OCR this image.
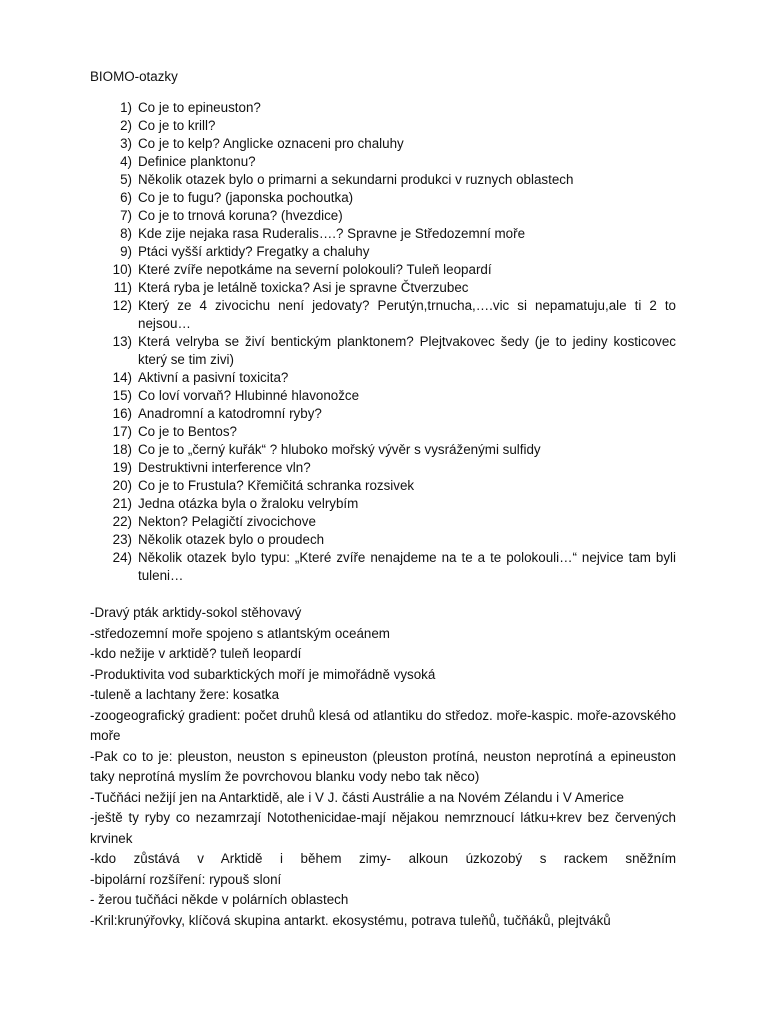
BIOMO-otazky
1) Co je to epineuston?
2) Co je to krill?
3) Co je to kelp? Anglicke oznaceni pro chaluhy
4) Definice planktonu?
5) Několik otazek bylo o primarni a sekundarni produkci v ruznych oblastech
6) Co je to fugu? (japonska pochoutka)
7) Co je to trnová koruna? (hvezdice)
8) Kde zije nejaka rasa Ruderalis….? Spravne je Středozemní moře
9) Ptáci vyšší arktidy? Fregatky a chaluhy
10) Které zvíře nepotkáme na severní polokouli? Tuleň leopardí
11) Která ryba je letálně toxicka? Asi je spravne Čtverzubec
12) Který ze 4 zivocichu není jedovaty? Perutýn,trnucha,….vic si nepamatuju,ale ti 2 to nejsou…
13) Která velryba se živí bentickým planktonem? Plejtvakovec šedy (je to jediny kosticovec který se tim zivi)
14) Aktivní a pasivní toxicita?
15) Co loví vorvaň? Hlubinné hlavonožce
16) Anadromní a katodromní ryby?
17) Co je to Bentos?
18) Co je to „černý kuřák“ ? hluboko mořský vývěr s vysráženými sulfidy
19) Destruktivni interference vln?
20) Co je to Frustula? Křemičitá schranka rozsivek
21) Jedna otázka byla o žraloku velrybím
22) Nekton? Pelagičtí zivocichove
23) Několik otazek bylo o proudech
24) Několik otazek bylo typu: „Které zvíře nenajdeme na te a te polokouli…“ nejvice tam byli tuleni…
-Dravý pták arktidy-sokol stěhovavý
-středozemní moře spojeno s atlantským oceánem
-kdo nežije v arktidě? tuleň leopardí
-Produktivita vod subarktických moří je mimořádně vysoká
-tuleně a lachtany žere: kosatka
-zoogeografický gradient: počet druhů klesá od atlantiku do středoz. moře-kaspic. moře-azovského moře
-Pak co to je: pleuston, neuston s epineuston (pleuston protíná, neuston neprotíná a epineuston taky neprotíná myslím že povrchovou blanku vody nebo tak něco)
-Tučňáci nežijí jen na Antarktidě, ale i V J. části Austrálie a na Novém Zélandu i V Americe
-ještě ty ryby co nezamrzají Notothenicidae-mají nějakou nemrznoucí látku+krev bez červených krvinek
-kdo zůstává v Arktidě i během zimy- alkoun úzkozobý s rackem sněžním
-bipolární rozšíření: rypouš sloní
- žerou tučňáci někde v polárních oblastech
-Kril:krunýřovky, klíčová skupina antarkt. ekosystému, potrava tuleňů, tučňáků, plejtváků
